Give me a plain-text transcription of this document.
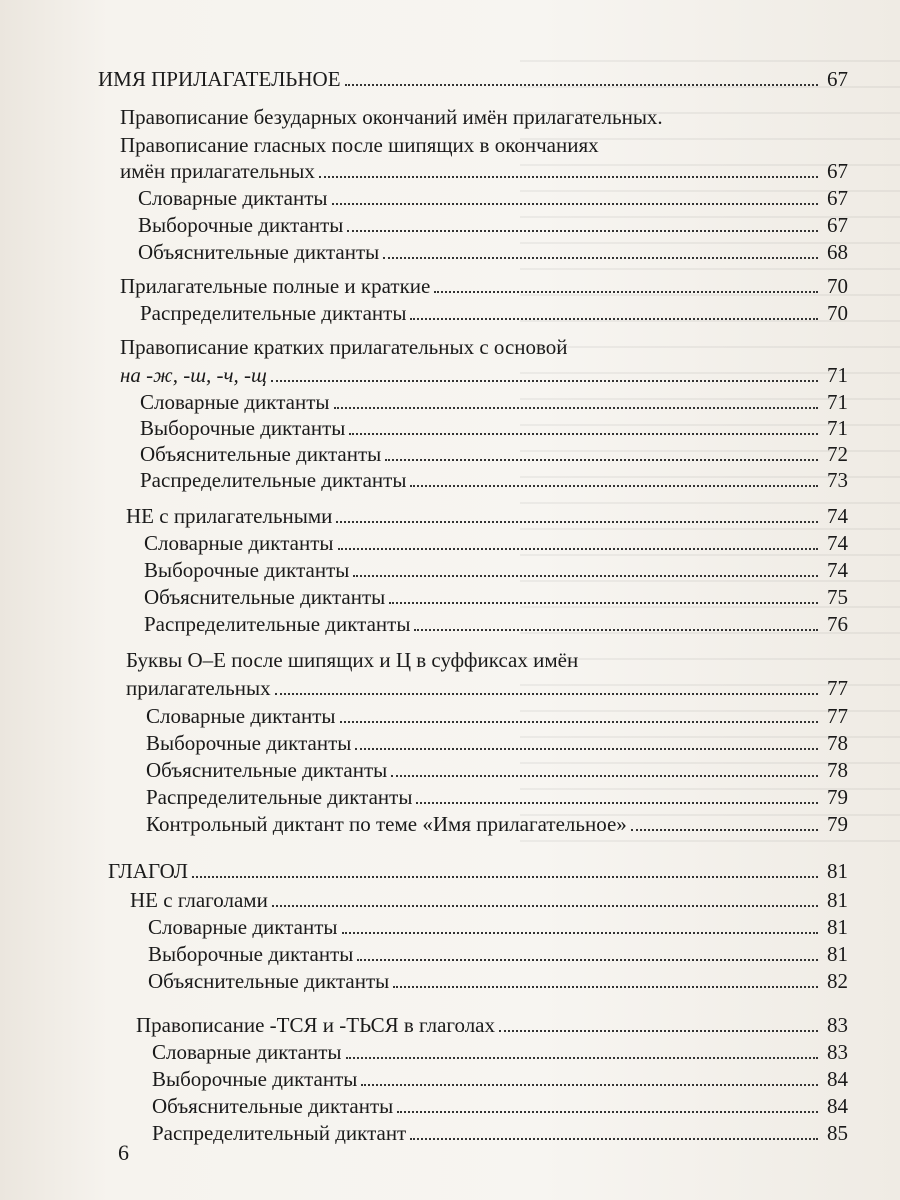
ИМЯ ПРИЛАГАТЕЛЬНОЕ	67
Правописание безударных окончаний имён прилагательных.
Правописание гласных после шипящих в окончаниях
имён прилагательных	67
Словарные диктанты	67
Выборочные диктанты	67
Объяснительные диктанты	68
Прилагательные полные и краткие	70
Распределительные диктанты	70
Правописание кратких прилагательных с основой
на -ж, -ш, -ч, -щ	71
Словарные диктанты	71
Выборочные диктанты	71
Объяснительные диктанты	72
Распределительные диктанты	73
НЕ с прилагательными	74
Словарные диктанты	74
Выборочные диктанты	74
Объяснительные диктанты	75
Распределительные диктанты	76
Буквы О–Е после шипящих и Ц в суффиксах имён
прилагательных	77
Словарные диктанты	77
Выборочные диктанты	78
Объяснительные диктанты	78
Распределительные диктанты	79
Контрольный диктант по теме «Имя прилагательное»	79
ГЛАГОЛ	81
НЕ с глаголами	81
Словарные диктанты	81
Выборочные диктанты	81
Объяснительные диктанты	82
Правописание -ТСЯ и -ТЬСЯ в глаголах	83
Словарные диктанты	83
Выборочные диктанты	84
Объяснительные диктанты	84
Распределительный диктант	85
6
